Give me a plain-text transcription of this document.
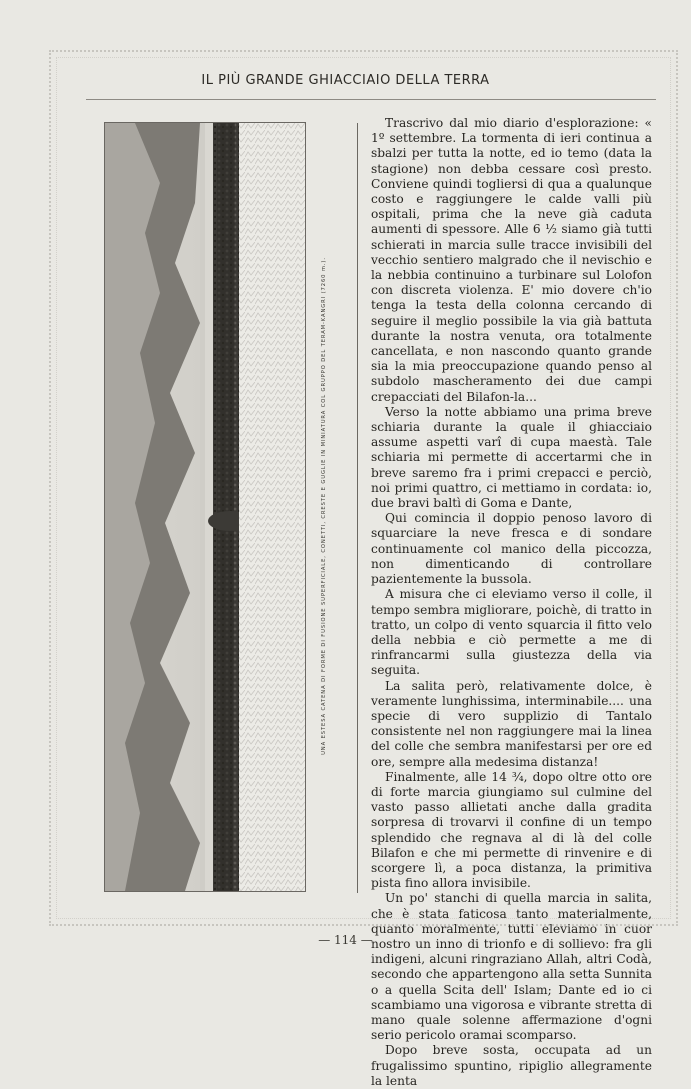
IL PIÙ GRANDE GHIACCIAIO DELLA TERRA
UNA ESTESA CATENA DI FORME DI FUSIONE SUPERFICIALE, CONETTI, CRESTE E GUGLIE IN MINIATURA COL GRUPPO DEL TERAM-KANGRI (7260 m.).

Trascrivo dal mio diario d'esplorazione: « 1º settembre. La tormenta di ieri continua a sbalzi per tutta la notte, ed io temo (data la stagione) non debba cessare così presto. Conviene quindi togliersi di qua a qualunque costo e raggiungere le calde valli più ospitali, prima che la neve già caduta aumenti di spessore. Alle 6 ½ siamo già tutti schierati in marcia sulle tracce invisibili del vecchio sentiero malgrado che il nevischio e la nebbia continuino a turbinare sul Lolofon con discreta violenza. E' mio dovere ch'io tenga la testa della colonna cercando di seguire il meglio possibile la via già battuta durante la nostra venuta, ora totalmente cancellata, e non nascondo quanto grande sia la mia preoccupazione quando penso al subdolo mascheramento dei due campi crepacciati del Bilafon-la...

Verso la notte abbiamo una prima breve schiaria durante la quale il ghiacciaio assume aspetti varî di cupa maestà. Tale schiaria mi permette di accertarmi che in breve saremo fra i primi crepacci e perciò, noi primi quattro, ci mettiamo in cordata: io, due bravi baltì di Goma e Dante,

Qui comincia il doppio penoso lavoro di squarciare la neve fresca e di sondare continuamente col manico della piccozza, non dimenticando di controllare pazientemente la bussola.

A misura che ci eleviamo verso il colle, il tempo sembra migliorare, poichè, di tratto in tratto, un colpo di vento squarcia il fitto velo della nebbia e ciò permette a me di rinfrancarmi sulla giustezza della via seguita.

La salita però, relativamente dolce, è veramente lunghissima, interminabile.... una specie di vero supplizio di Tantalo consistente nel non raggiungere mai la linea del colle che sembra manifestarsi per ore ed ore, sempre alla medesima distanza!

Finalmente, alle 14 ¾, dopo oltre otto ore di forte marcia giungiamo sul culmine del vasto passo allietati anche dalla gradita sorpresa di trovarvi il confine di un tempo splendido che regnava al di là del colle Bilafon e che mi permette di rinvenire e di scorgere lì, a poca distanza, la primitiva pista fino allora invisibile.

Un po' stanchi di quella marcia in salita, che è stata faticosa tanto materialmente, quanto moralmente, tutti eleviamo in cuor nostro un inno di trionfo e di sollievo: fra gli indigeni, alcuni ringraziano Allah, altri Codà, secondo che appartengono alla setta Sunnita o a quella Scita dell' Islam; Dante ed io ci scambiamo una vigorosa e vibrante stretta di mano quale solenne affermazione d'ogni serio pericolo oramai scomparso.

Dopo breve sosta, occupata ad un frugalissimo spuntino, ripiglio allegramente la lenta

— 114 —
